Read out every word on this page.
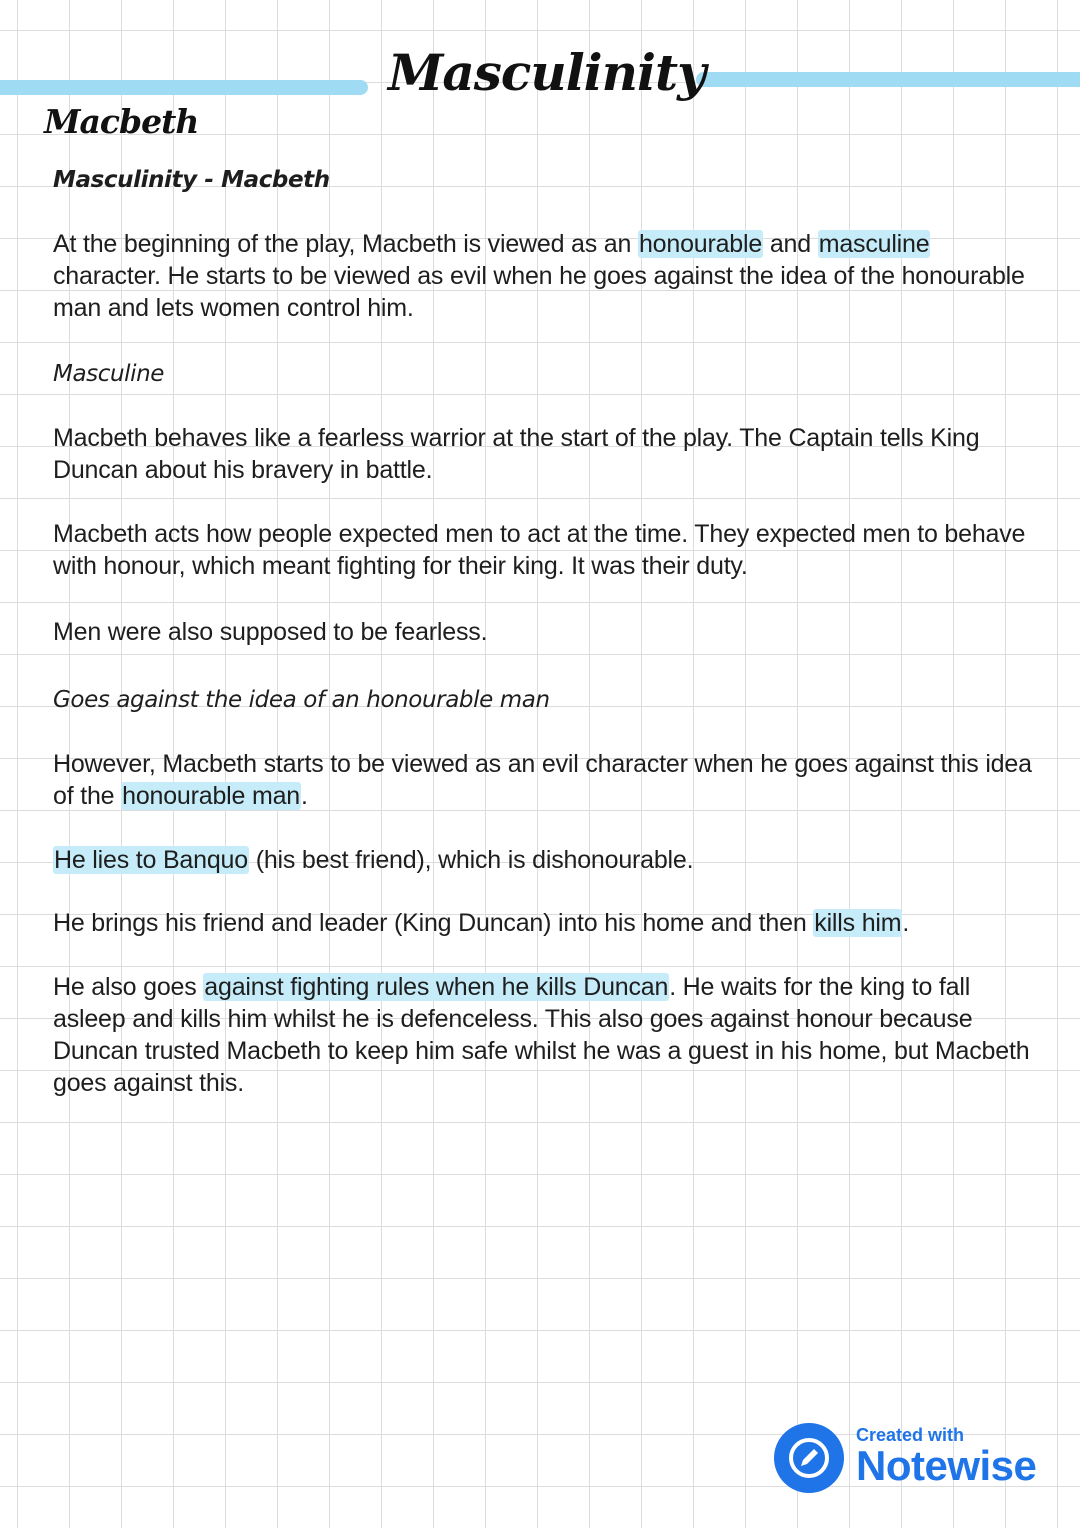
Masculinity
Macbeth

Masculinity - Macbeth

At the beginning of the play, Macbeth is viewed as an honourable and masculine character. He starts to be viewed as evil when he goes against the idea of the honourable man and lets women control him.

Masculine

Macbeth behaves like a fearless warrior at the start of the play. The Captain tells King Duncan about his bravery in battle.

Macbeth acts how people expected men to act at the time. They expected men to behave with honour, which meant fighting for their king. It was their duty.

Men were also supposed to be fearless.

Goes against the idea of an honourable man

However, Macbeth starts to be viewed as an evil character when he goes against this idea of the honourable man.

He lies to Banquo (his best friend), which is dishonourable.

He brings his friend and leader (King Duncan) into his home and then kills him.

He also goes against fighting rules when he kills Duncan. He waits for the king to fall asleep and kills him whilst he is defenceless. This also goes against honour because Duncan trusted Macbeth to keep him safe whilst he was a guest in his home, but Macbeth goes against this.

Created with
Notewise
